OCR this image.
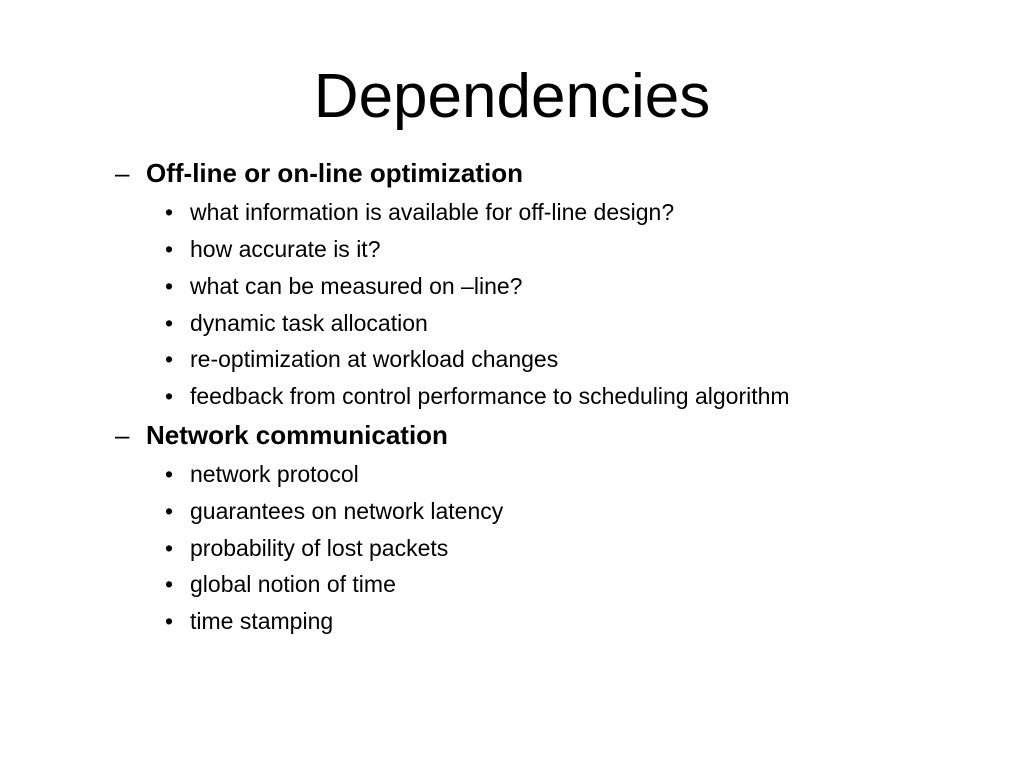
Dependencies
– Off-line or on-line optimization
• what information is available for off-line design?
• how accurate is it?
• what can be measured on –line?
• dynamic task allocation
• re-optimization at workload changes
• feedback from control performance to scheduling algorithm
– Network communication
• network protocol
• guarantees on network latency
• probability of lost packets
• global notion of time
• time stamping
